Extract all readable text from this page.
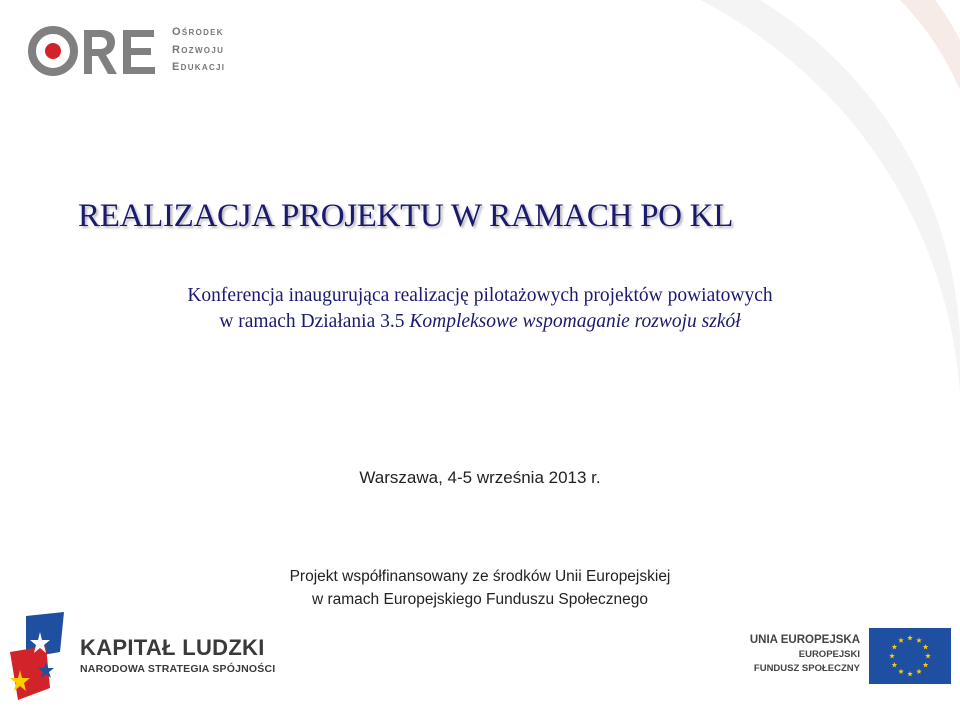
Ośrodek
Rozwoju
Edukacji
REALIZACJA PROJEKTU W RAMACH PO KL
Konferencja inaugurująca realizację pilotażowych projektów powiatowych
w ramach Działania 3.5 Kompleksowe wspomaganie rozwoju szkół
Warszawa, 4-5 września 2013 r.
Projekt współfinansowany ze środków Unii Europejskiej
w ramach Europejskiego Funduszu Społecznego
KAPITAŁ LUDZKI
NARODOWA STRATEGIA SPÓJNOŚCI
UNIA EUROPEJSKA
EUROPEJSKI
FUNDUSZ SPOŁECZNY
